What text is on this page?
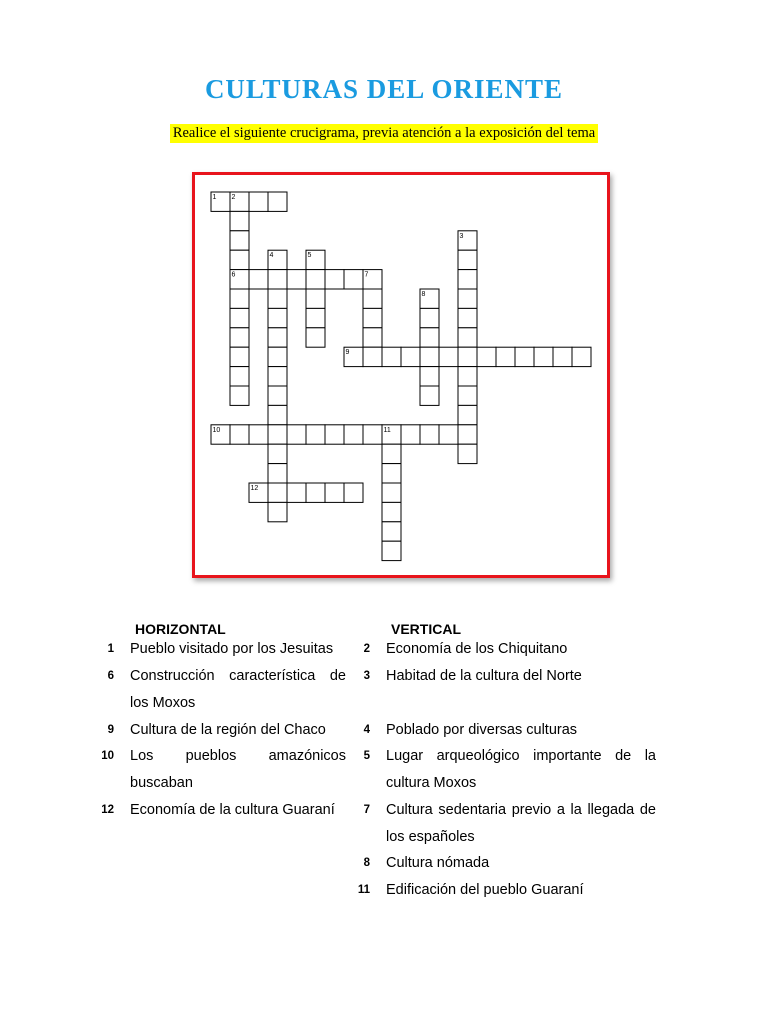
CULTURAS DEL ORIENTE
Realice el siguiente crucigrama, previa atención a la exposición del tema
1 2
3
4	5
6	7
8
9
10	11
12
HORIZONTAL	VERTICAL
1 Pueblo visitado por los Jesuitas
6 Construcción característica de los Moxos
9 Cultura de la región del Chaco
10 Los pueblos amazónicos buscaban
12 Economía de la cultura Guaraní
2 Economía de los Chiquitano
3 Habitad de la cultura del Norte
4 Poblado por diversas culturas
5 Lugar arqueológico importante de la cultura Moxos
7 Cultura sedentaria previo a la llegada de los españoles
8 Cultura nómada
11 Edificación del pueblo Guaraní
